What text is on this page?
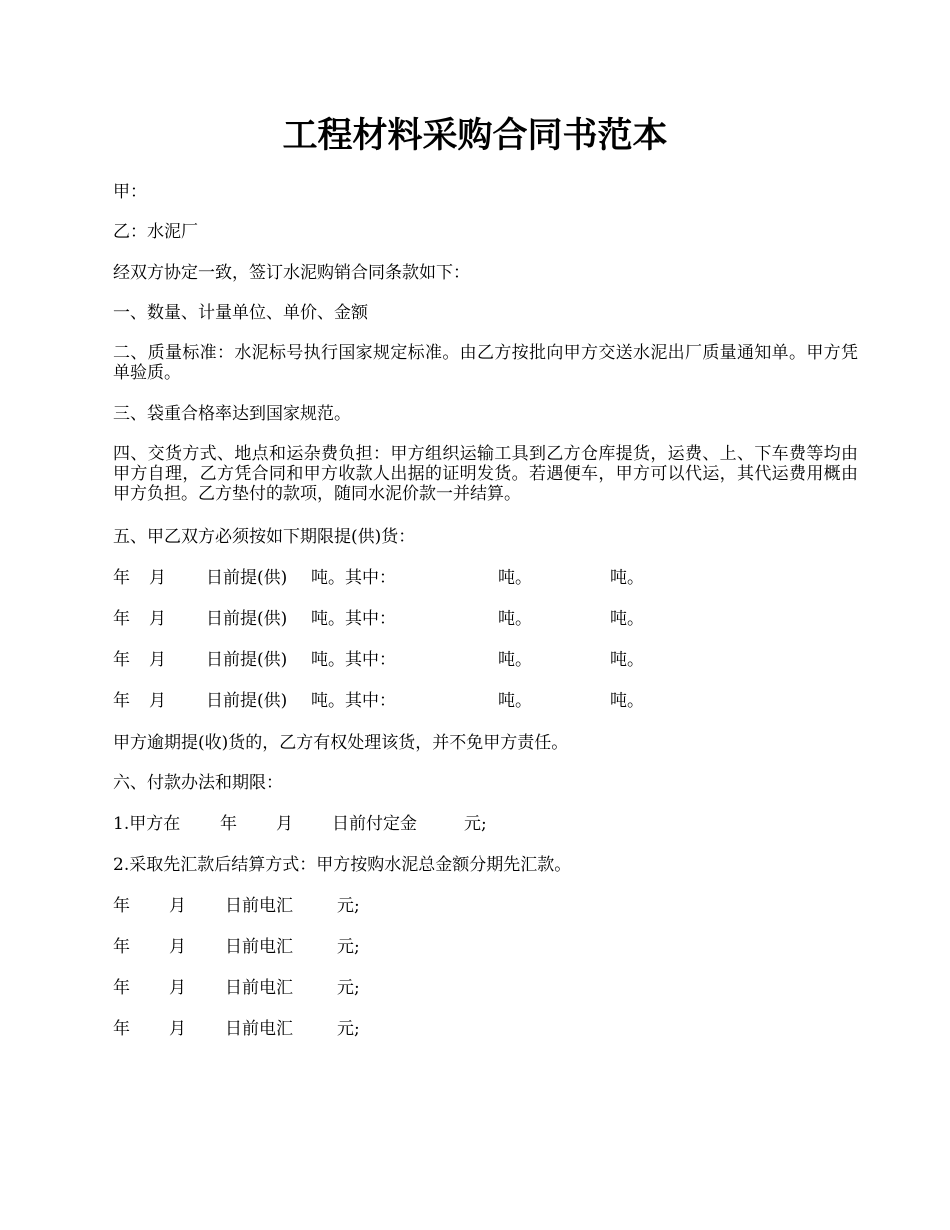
工程材料采购合同书范本
甲：
乙：水泥厂
经双方协定一致，签订水泥购销合同条款如下：
一、数量、计量单位、单价、金额
二、质量标准：水泥标号执行国家规定标准。由乙方按批向甲方交送水泥出厂质量通知单。甲方凭单验质。
三、袋重合格率达到国家规范。
四、交货方式、地点和运杂费负担：甲方组织运输工具到乙方仓库提货，运费、上、下车费等均由甲方自理，乙方凭合同和甲方收款人出据的证明发货。若遇便车，甲方可以代运，其代运费用概由甲方负担。乙方垫付的款项，随同水泥价款一并结算。
五、甲乙双方必须按如下期限提(供)货：
年 月 日前提(供) 吨。其中：	吨。	吨。
年 月 日前提(供) 吨。其中：	吨。	吨。
年 月 日前提(供) 吨。其中：	吨。	吨。
年 月 日前提(供) 吨。其中：	吨。	吨。
甲方逾期提(收)货的，乙方有权处理该货，并不免甲方责任。
六、付款办法和期限：
1.甲方在 年 月 日前付定金	元;
2.采取先汇款后结算方式：甲方按购水泥总金额分期先汇款。
年 月 日前电汇	元;
年 月 日前电汇	元;
年 月 日前电汇	元;
年 月 日前电汇	元;
